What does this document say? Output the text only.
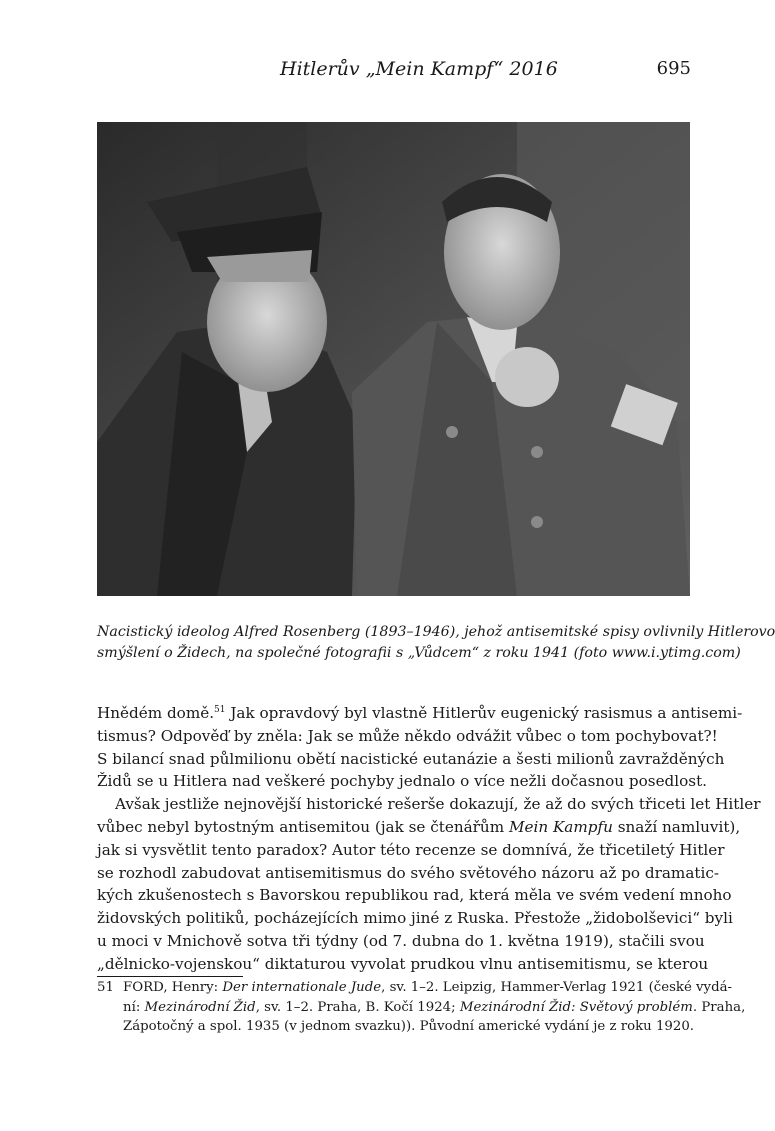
Hitlerův „Mein Kampf“ 2016	695
Nacistický ideolog Alfred Rosenberg (1893–1946), jehož antisemitské spisy ovlivnily Hitlerovo
smýšlení o Židech, na společné fotografii s „Vůdcem“ z roku 1941 (foto www.i.ytimg.com)
Hnědém domě.$^{51}$ Jak opravdový byl vlastně Hitlerův eugenický rasismus a antisemi-
tismus? Odpověď by zněla: Jak se může někdo odvážit vůbec o tom pochybovat?!
S bilancí snad půlmilionu obětí nacistické eutanázie a šesti milionů zavražděných
Židů se u Hitlera nad veškeré pochyby jednalo o více nežli dočasnou posedlost.
Avšak jestliže nejnovější historické rešerše dokazují, že až do svých třiceti let Hitler
vůbec nebyl bytostným antisemitou (jak se čtenářům Mein Kampfu snaží namluvit),
jak si vysvětlit tento paradox? Autor této recenze se domnívá, že třicetiletý Hitler
se rozhodl zabudovat antisemitismus do svého světového názoru až po dramatic-
kých zkušenostech s Bavorskou republikou rad, která měla ve svém vedení mnoho
židovských politiků, pocházejících mimo jiné z Ruska. Přestože „židobolševici“ byli
u moci v Mnichově sotva tři týdny (od 7. dubna do 1. května 1919), stačili svou
„dělnicko-vojenskou“ diktaturou vyvolat prudkou vlnu antisemitismu, se kterou
51 FORD, Henry: Der internationale Jude, sv. 1–2. Leipzig, Hammer-Verlag 1921 (české vydá-
ní: Mezinárodní Žid, sv. 1–2. Praha, B. Kočí 1924; Mezinárodní Žid: Světový problém. Praha,
Zápotočný a spol. 1935 (v jednom svazku)). Původní americké vydání je z roku 1920.
